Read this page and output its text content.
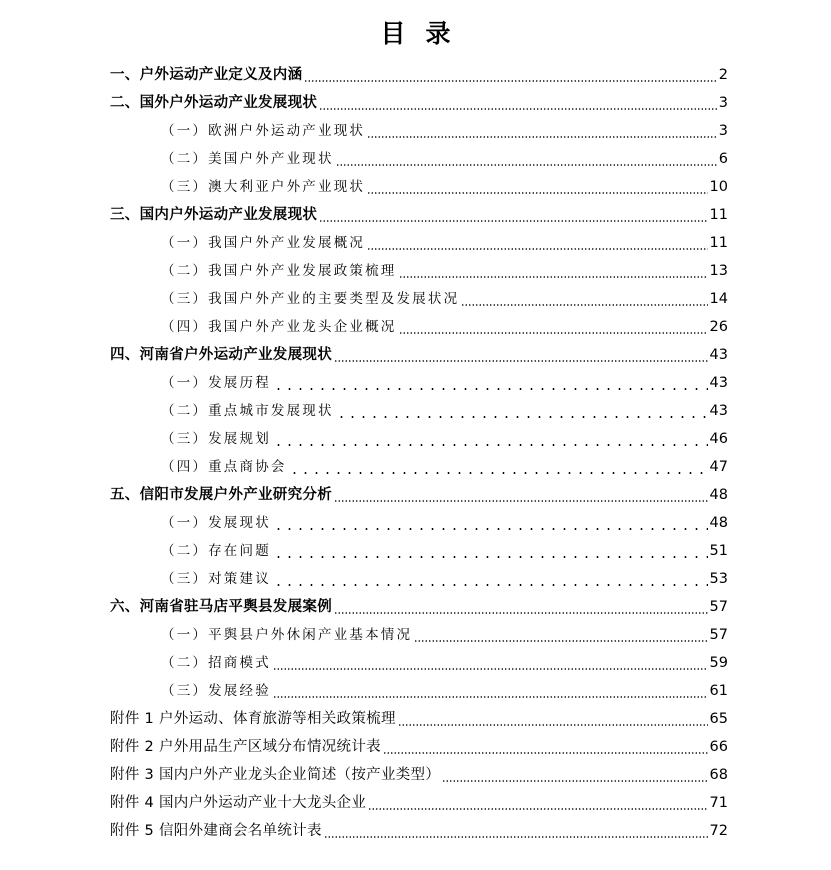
目录
一、户外运动产业定义及内涵	2
二、国外户外运动产业发展现状	3
（一）欧洲户外运动产业现状	3
（二）美国户外产业现状	6
（三）澳大利亚户外产业现状	10
三、国内户外运动产业发展现状	11
（一）我国户外产业发展概况	11
（二）我国户外产业发展政策梳理	13
（三）我国户外产业的主要类型及发展状况	14
（四）我国户外产业龙头企业概况	26
四、河南省户外运动产业发展现状	43
（一）发展历程	43
（二）重点城市发展现状	43
（三）发展规划	46
（四）重点商协会	47
五、信阳市发展户外产业研究分析	48
（一）发展现状	48
（二）存在问题	51
（三）对策建议	53
六、河南省驻马店平舆县发展案例	57
（一）平舆县户外休闲产业基本情况	57
（二）招商模式	59
（三）发展经验	61
附件 1 户外运动、体育旅游等相关政策梳理	65
附件 2 户外用品生产区域分布情况统计表	66
附件 3 国内户外产业龙头企业简述（按产业类型）	68
附件 4 国内户外运动产业十大龙头企业	71
附件 5 信阳外建商会名单统计表	72
